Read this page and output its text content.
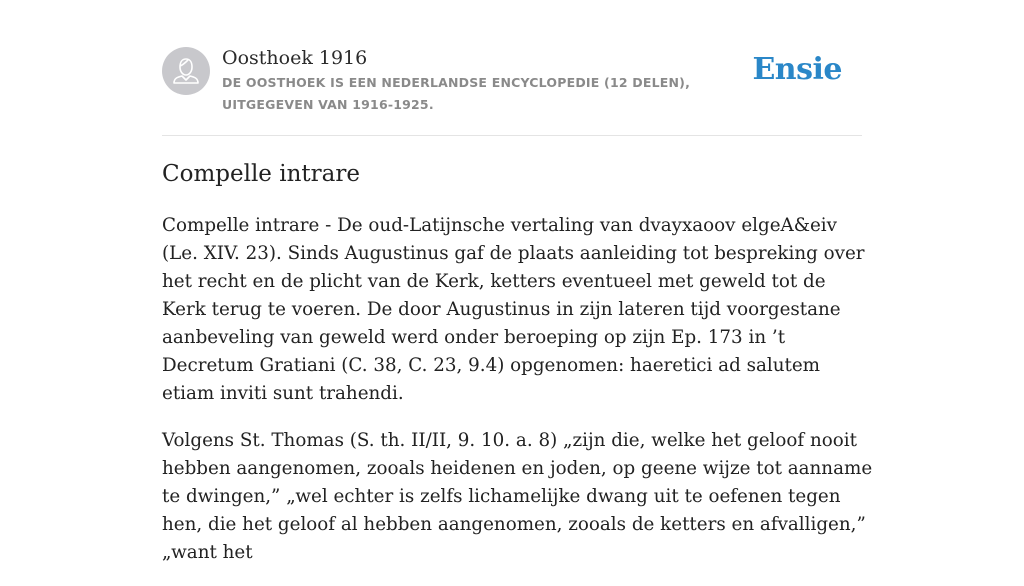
Oosthoek 1916
DE OOSTHOEK IS EEN NEDERLANDSE ENCYCLOPEDIE (12 DELEN), UITGEGEVEN VAN 1916-1925.
Ensie
Compelle intrare

Compelle intrare - De oud-Latijnsche vertaling van dvayxaoov elgeA&eiv (Le. XIV. 23). Sinds Augustinus gaf de plaats aanleiding tot bespreking over het recht en de plicht van de Kerk, ketters eventueel met geweld tot de Kerk terug te voeren. De door Augustinus in zijn lateren tijd voorgestane aanbeveling van geweld werd onder beroeping op zijn Ep. 173 in ’t Decretum Gratiani (C. 38, C. 23, 9.4) opgenomen: haeretici ad salutem etiam inviti sunt trahendi.

Volgens St. Thomas (S. th. II/II, 9. 10. a. 8) „zijn die, welke het geloof nooit hebben aangenomen, zooals heidenen en joden, op geene wijze tot aanname te dwingen,” „wel echter is zelfs lichamelijke dwang uit te oefenen tegen hen, die het geloof al hebben aangenomen, zooals de ketters en afvalligen,” „want het
